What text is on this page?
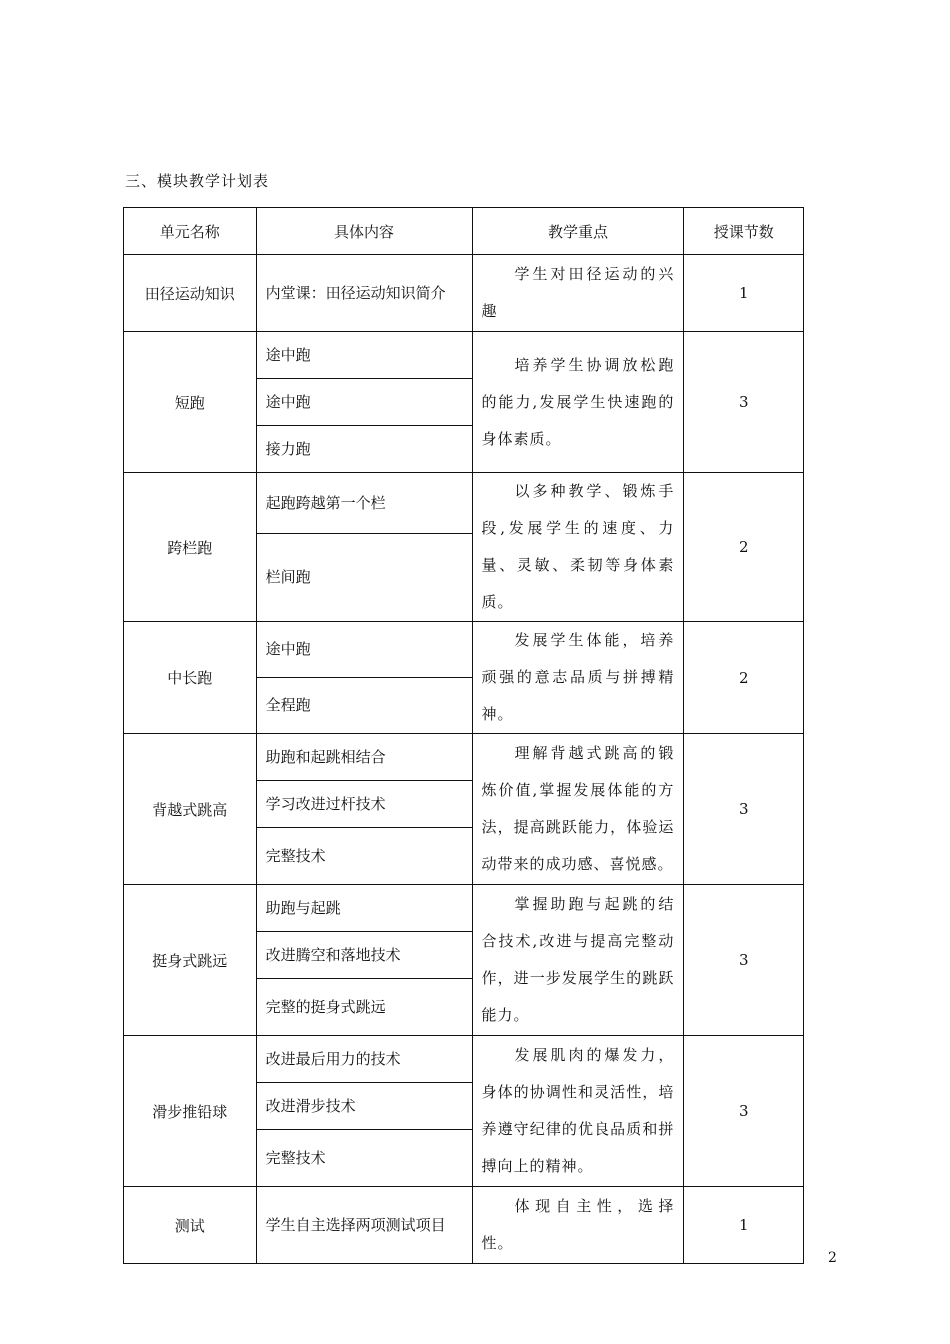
三、模块教学计划表
单元名称	具体内容	教学重点	授课节数
田径运动知识	内堂课：田径运动知识简介	学生对田径运动的兴趣	1
短跑	途中跑	培养学生协调放松跑的能力,发展学生快速跑的身体素质。	3
	途中跑		
	接力跑		
跨栏跑	起跑跨越第一个栏	以多种教学、锻炼手段,发展学生的速度、力量、灵敏、柔韧等身体素质。	2
	栏间跑		
中长跑	途中跑	发展学生体能，培养顽强的意志品质与拼搏精神。	2
	全程跑		
背越式跳高	助跑和起跳相结合	理解背越式跳高的锻炼价值,掌握发展体能的方法，提高跳跃能力，体验运动带来的成功感、喜悦感。	3
	学习改进过杆技术		
	完整技术		
挺身式跳远	助跑与起跳	掌握助跑与起跳的结合技术,改进与提高完整动作，进一步发展学生的跳跃能力。	3
	改进腾空和落地技术		
	完整的挺身式跳远		
滑步推铅球	改进最后用力的技术	发展肌肉的爆发力，身体的协调性和灵活性，培养遵守纪律的优良品质和拼搏向上的精神。	3
	改进滑步技术		
	完整技术		
测试	学生自主选择两项测试项目	体现自主性，选择性。	1
2
